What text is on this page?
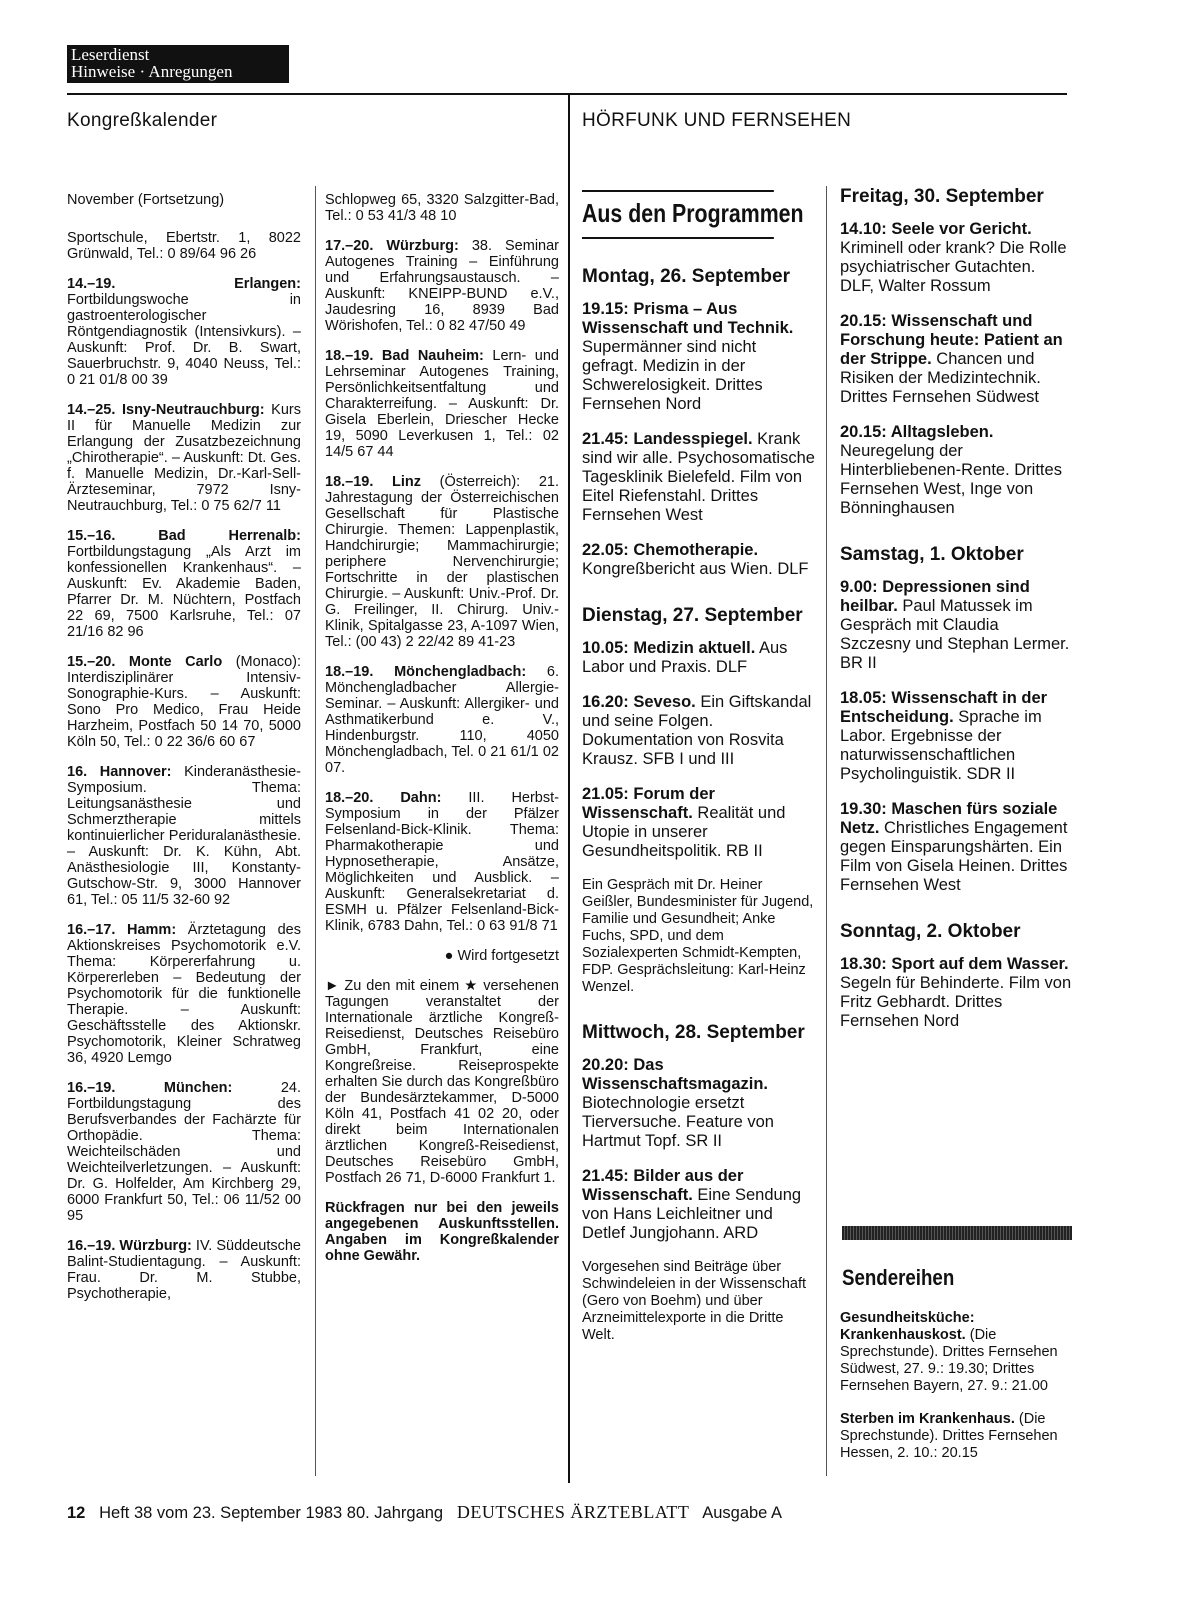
Leserdienst
Hinweise · Anregungen
Kongreßkalender	HÖRFUNK UND FERNSEHEN

November (Fortsetzung)

Sportschule, Ebertstr. 1, 8022 Grünwald, Tel.: 0 89/64 96 26

14.–19. Erlangen: Fortbildungswoche in gastroenterologischer Röntgendiagnostik (Intensivkurs). – Auskunft: Prof. Dr. B. Swart, Sauerbruchstr. 9, 4040 Neuss, Tel.: 0 21 01/8 00 39

14.–25. Isny-Neutrauchburg: Kurs II für Manuelle Medizin zur Erlangung der Zusatzbezeichnung „Chirotherapie“. – Auskunft: Dt. Ges. f. Manuelle Medizin, Dr.-Karl-Sell-Ärzteseminar, 7972 Isny-Neutrauchburg, Tel.: 0 75 62/7 11

15.–16. Bad Herrenalb: Fortbildungstagung „Als Arzt im konfessionellen Krankenhaus“. – Auskunft: Ev. Akademie Baden, Pfarrer Dr. M. Nüchtern, Postfach 22 69, 7500 Karlsruhe, Tel.: 07 21/16 82 96

15.–20. Monte Carlo (Monaco): Interdisziplinärer Intensiv-Sonographie-Kurs. – Auskunft: Sono Pro Medico, Frau Heide Harzheim, Postfach 50 14 70, 5000 Köln 50, Tel.: 0 22 36/6 60 67

16. Hannover: Kinderanästhesie-Symposium. Thema: Leitungsanästhesie und Schmerztherapie mittels kontinuierlicher Periduralanästhesie. – Auskunft: Dr. K. Kühn, Abt. Anästhesiologie III, Konstanty-Gutschow-Str. 9, 3000 Hannover 61, Tel.: 05 11/5 32-60 92

16.–17. Hamm: Ärztetagung des Aktionskreises Psychomotorik e.V. Thema: Körpererfahrung u. Körpererleben – Bedeutung der Psychomotorik für die funktionelle Therapie. – Auskunft: Geschäftsstelle des Aktionskr. Psychomotorik, Kleiner Schratweg 36, 4920 Lemgo

16.–19. München: 24. Fortbildungstagung des Berufsverbandes der Fachärzte für Orthopädie. Thema: Weichteilschäden und Weichteilverletzungen. – Auskunft: Dr. G. Holfelder, Am Kirchberg 29, 6000 Frankfurt 50, Tel.: 06 11/52 00 95

16.–19. Würzburg: IV. Süddeutsche Balint-Studientagung. – Auskunft: Frau. Dr. M. Stubbe, Psychotherapie,

Schlopweg 65, 3320 Salzgitter-Bad, Tel.: 0 53 41/3 48 10

17.–20. Würzburg: 38. Seminar Autogenes Training – Einführung und Erfahrungsaustausch. – Auskunft: KNEIPP-BUND e.V., Jaudesring 16, 8939 Bad Wörishofen, Tel.: 0 82 47/50 49

18.–19. Bad Nauheim: Lern- und Lehrseminar Autogenes Training, Persönlichkeitsentfaltung und Charakterreifung. – Auskunft: Dr. Gisela Eberlein, Driescher Hecke 19, 5090 Leverkusen 1, Tel.: 02 14/5 67 44

18.–19. Linz (Österreich): 21. Jahrestagung der Österreichischen Gesellschaft für Plastische Chirurgie. Themen: Lappenplastik, Handchirurgie; Mammachirurgie; periphere Nervenchirurgie; Fortschritte in der plastischen Chirurgie. – Auskunft: Univ.-Prof. Dr. G. Freilinger, II. Chirurg. Univ.-Klinik, Spitalgasse 23, A-1097 Wien, Tel.: (00 43) 2 22/42 89 41-23

18.–19. Mönchengladbach: 6. Mönchengladbacher Allergie-Seminar. – Auskunft: Allergiker- und Asthmatikerbund e. V., Hindenburgstr. 110, 4050 Mönchengladbach, Tel. 0 21 61/1 02 07.

18.–20. Dahn: III. Herbst-Symposium in der Pfälzer Felsenland-Bick-Klinik. Thema: Pharmakotherapie und Hypnosetherapie, Ansätze, Möglichkeiten und Ausblick. – Auskunft: Generalsekretariat d. ESMH u. Pfälzer Felsenland-Bick-Klinik, 6783 Dahn, Tel.: 0 63 91/8 71

● Wird fortgesetzt

► Zu den mit einem ★ versehenen Tagungen veranstaltet der Internationale ärztliche Kongreß-Reisedienst, Deutsches Reisebüro GmbH, Frankfurt, eine Kongreßreise. Reiseprospekte erhalten Sie durch das Kongreßbüro der Bundesärztekammer, D-5000 Köln 41, Postfach 41 02 20, oder direkt beim Internationalen ärztlichen Kongreß-Reisedienst, Deutsches Reisebüro GmbH, Postfach 26 71, D-6000 Frankfurt 1.

Rückfragen nur bei den jeweils angegebenen Auskunftsstellen. Angaben im Kongreßkalender ohne Gewähr.

Aus den Programmen

Montag, 26. September

19.15: Prisma – Aus Wissenschaft und Technik. Supermänner sind nicht gefragt. Medizin in der Schwerelosigkeit. Drittes Fernsehen Nord

21.45: Landesspiegel. Krank sind wir alle. Psychosomatische Tagesklinik Bielefeld. Film von Eitel Riefenstahl. Drittes Fernsehen West

22.05: Chemotherapie. Kongreßbericht aus Wien. DLF

Dienstag, 27. September

10.05: Medizin aktuell. Aus Labor und Praxis. DLF

16.20: Seveso. Ein Giftskandal und seine Folgen. Dokumentation von Rosvita Krausz. SFB I und III

21.05: Forum der Wissenschaft. Realität und Utopie in unserer Gesundheitspolitik. RB II

Ein Gespräch mit Dr. Heiner Geißler, Bundesminister für Jugend, Familie und Gesundheit; Anke Fuchs, SPD, und dem Sozialexperten Schmidt-Kempten, FDP. Gesprächsleitung: Karl-Heinz Wenzel.

Mittwoch, 28. September

20.20: Das Wissenschaftsmagazin. Biotechnologie ersetzt Tierversuche. Feature von Hartmut Topf. SR II

21.45: Bilder aus der Wissenschaft. Eine Sendung von Hans Leichleitner und Detlef Jungjohann. ARD

Vorgesehen sind Beiträge über Schwindeleien in der Wissenschaft (Gero von Boehm) und über Arzneimittelexporte in die Dritte Welt.

Freitag, 30. September

14.10: Seele vor Gericht. Kriminell oder krank? Die Rolle psychiatrischer Gutachten. DLF, Walter Rossum

20.15: Wissenschaft und Forschung heute: Patient an der Strippe. Chancen und Risiken der Medizintechnik. Drittes Fernsehen Südwest

20.15: Alltagsleben. Neuregelung der Hinterbliebenen-Rente. Drittes Fernsehen West, Inge von Bönninghausen

Samstag, 1. Oktober

9.00: Depressionen sind heilbar. Paul Matussek im Gespräch mit Claudia Szczesny und Stephan Lermer. BR II

18.05: Wissenschaft in der Entscheidung. Sprache im Labor. Ergebnisse der naturwissenschaftlichen Psycholinguistik. SDR II

19.30: Maschen fürs soziale Netz. Christliches Engagement gegen Einsparungshärten. Ein Film von Gisela Heinen. Drittes Fernsehen West

Sonntag, 2. Oktober

18.30: Sport auf dem Wasser. Segeln für Behinderte. Film von Fritz Gebhardt. Drittes Fernsehen Nord

Sendereihen

Gesundheitsküche: Krankenhauskost. (Die Sprechstunde). Drittes Fernsehen Südwest, 27. 9.: 19.30; Drittes Fernsehen Bayern, 27. 9.: 21.00

Sterben im Krankenhaus. (Die Sprechstunde). Drittes Fernsehen Hessen, 2. 10.: 20.15

12 Heft 38 vom 23. September 1983 80. Jahrgang DEUTSCHES ÄRZTEBLATT Ausgabe A
